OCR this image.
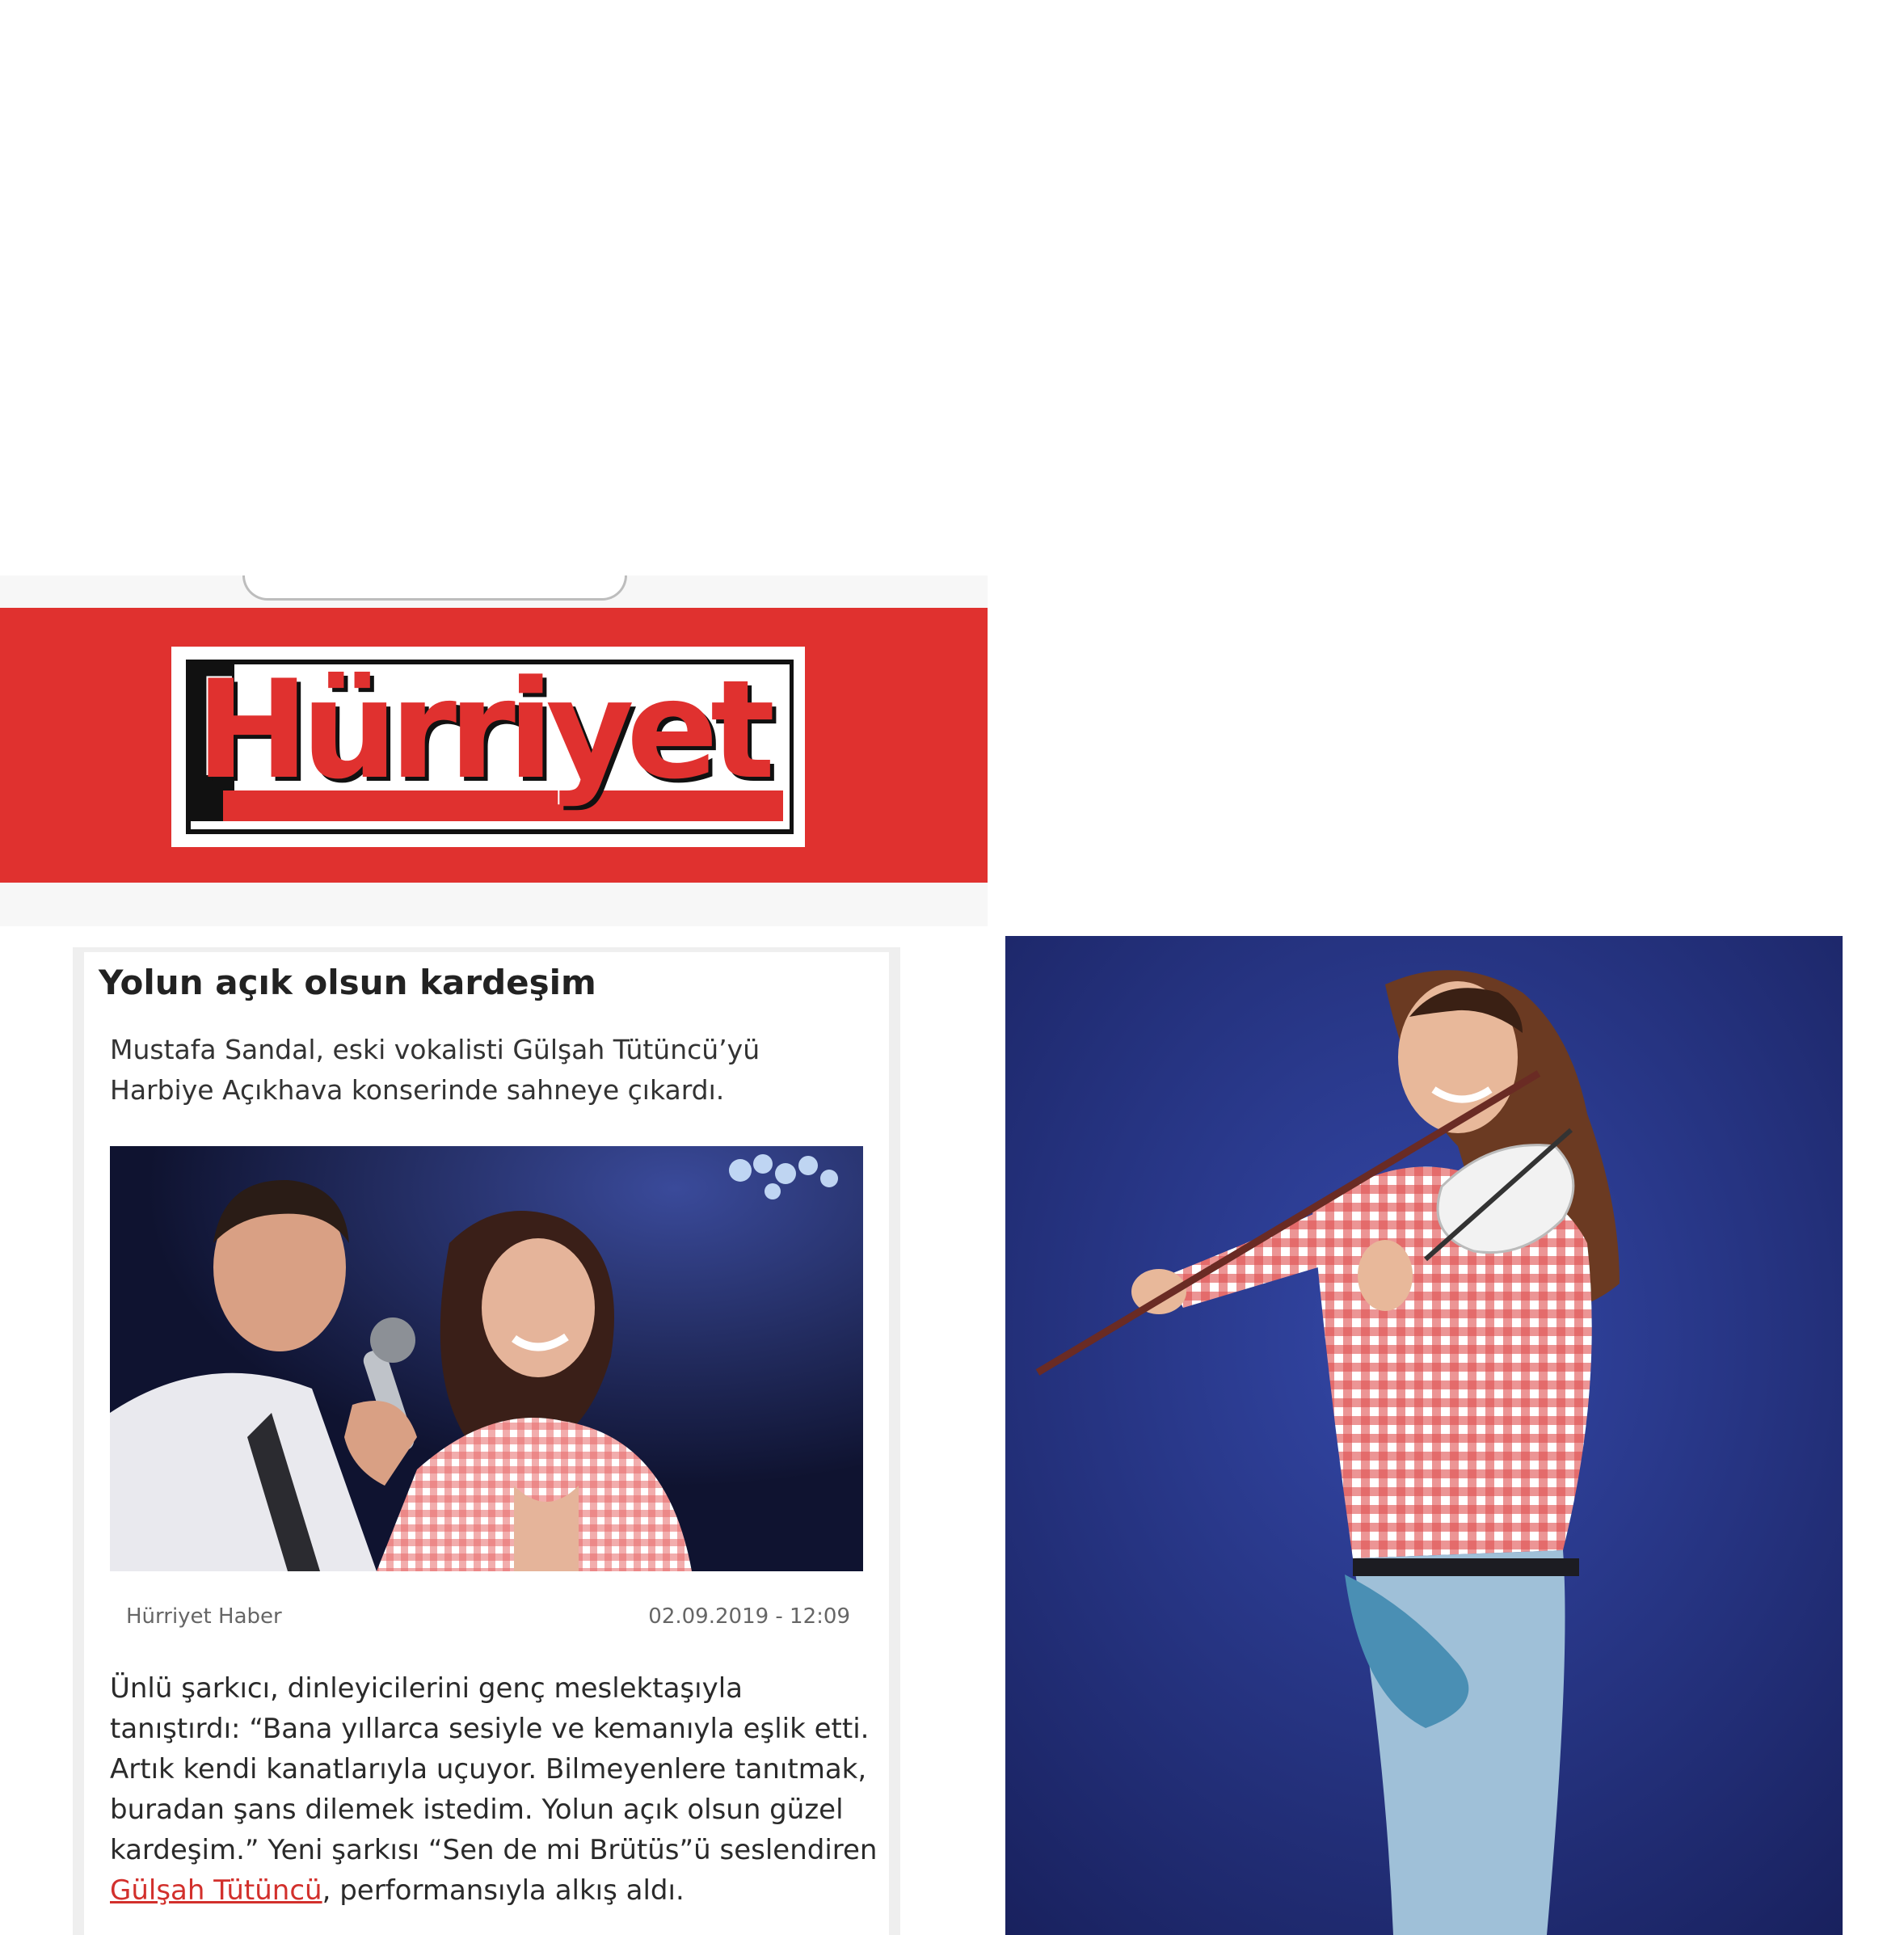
Hürriyet
Yolun açık olsun kardeşim

Mustafa Sandal, eski vokalisti Gülşah Tütüncü’yü
Harbiye Açıkhava konserinde sahneye çıkardı.

Hürriyet Haber	02.09.2019 - 12:09

Ünlü şarkıcı, dinleyicilerini genç meslektaşıyla
tanıştırdı: “Bana yıllarca sesiyle ve kemanıyla eşlik etti.
Artık kendi kanatlarıyla uçuyor. Bilmeyenlere tanıtmak,
buradan şans dilemek istedim. Yolun açık olsun güzel
kardeşim.” Yeni şarkısı “Sen de mi Brütüs”ü seslendiren
Gülşah Tütüncü, performansıyla alkış aldı.
